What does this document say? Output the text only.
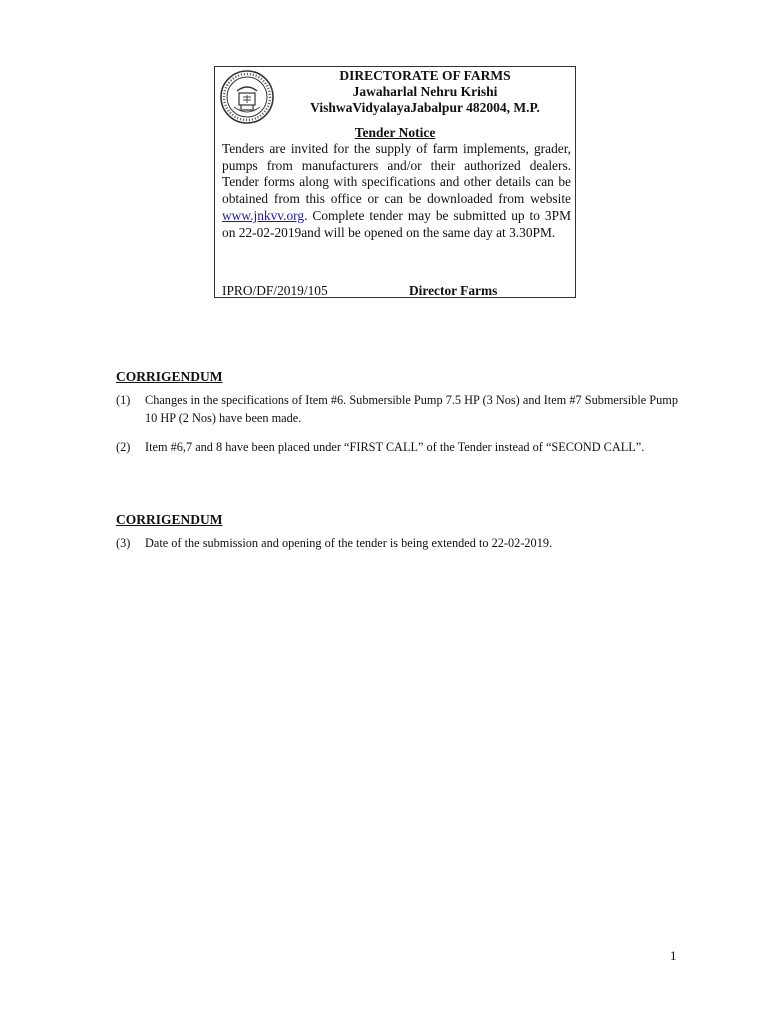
DIRECTORATE OF FARMS
Jawaharlal Nehru Krishi
VishwaVidyalayaJabalpur 482004, M.P.
Tender Notice
Tenders are invited for the supply of farm implements, grader, pumps from manufacturers and/or their authorized dealers. Tender forms along with specifications and other details can be obtained from this office or can be downloaded from website www.jnkvv.org. Complete tender may be submitted up to 3PM on 22-02-2019and will be opened on the same day at 3.30PM.
IPRO/DF/2019/105	Director Farms
CORRIGENDUM
(1) Changes in the specifications of Item #6. Submersible Pump 7.5 HP (3 Nos) and Item #7 Submersible Pump 10 HP (2 Nos) have been made.
(2) Item #6,7 and 8 have been placed under “FIRST CALL” of the Tender instead of “SECOND CALL”.
CORRIGENDUM
(3) Date of the submission and opening of the tender is being extended to 22-02-2019.
1
